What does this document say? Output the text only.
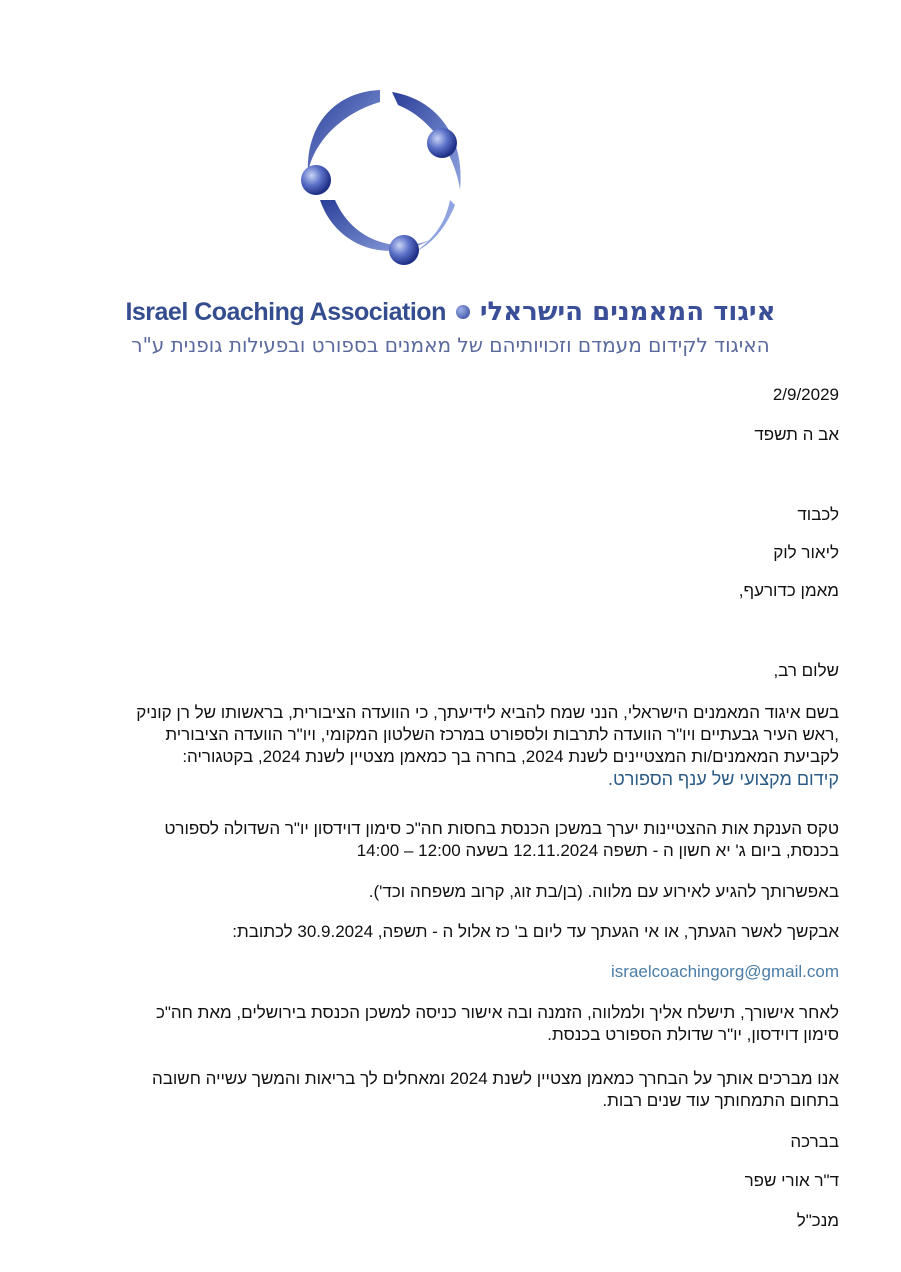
Israel Coaching Association איגוד המאמנים הישראלי
האיגוד לקידום מעמדם וזכויותיהם של מאמנים בספורט ובפעילות גופנית ע"ר
2/9/2029
אב ה תשפד
לכבוד
ליאור לוק
מאמן כדורעף,
שלום רב,
בשם איגוד המאמנים הישראלי, הנני שמח להביא לידיעתך, כי הוועדה הציבורית, בראשותו של רן קוניק
,ראש העיר גבעתיים ויו"ר הוועדה לתרבות ולספורט במרכז השלטון המקומי, ויו"ר הוועדה הציבורית
לקביעת המאמנים/ות המצטיינים לשנת 2024, בחרה בך כמאמן מצטיין לשנת 2024, בקטגוריה:
קידום מקצועי של ענף הספורט.
טקס הענקת אות ההצטיינות יערך במשכן הכנסת בחסות חה"כ סימון דוידסון יו"ר השדולה לספורט
בכנסת, ביום ג' יא חשון ה - תשפה 12.11.2024 בשעה 12:00 – 14:00
באפשרותך להגיע לאירוע עם מלווה. (בן/בת זוג, קרוב משפחה וכד').
אבקשך לאשר הגעתך, או אי הגעתך עד ליום ב' כז אלול ה - תשפה, 30.9.2024 לכתובת:
israelcoachingorg@gmail.com
לאחר אישורך, תישלח אליך ולמלווה, הזמנה ובה אישור כניסה למשכן הכנסת בירושלים, מאת חה"כ
סימון דוידסון, יו"ר שדולת הספורט בכנסת.
אנו מברכים אותך על הבחרך כמאמן מצטיין לשנת 2024 ומאחלים לך בריאות והמשך עשייה חשובה
בתחום התמחותך עוד שנים רבות.
בברכה
ד"ר אורי שפר
מנכ"ל
